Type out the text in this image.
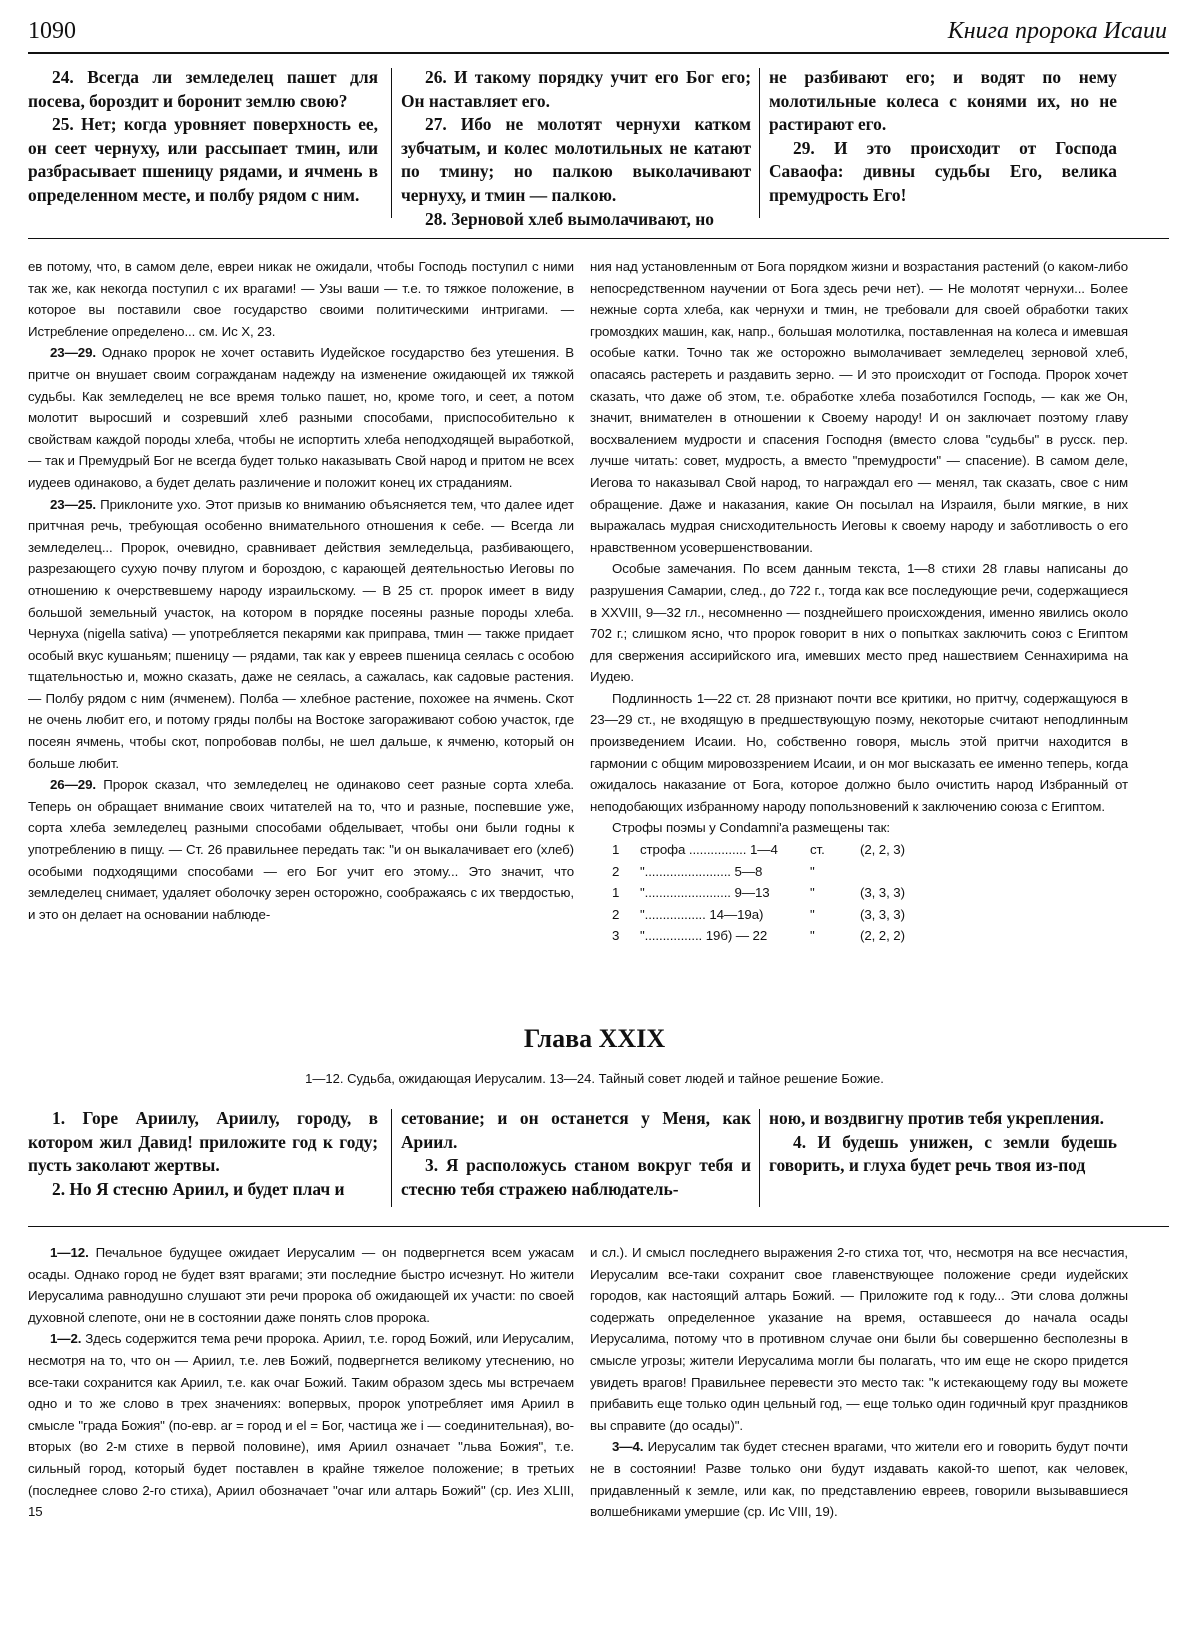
1090	Книга пророка Исаии

24. Всегда ли земледелец пашет для посева, бороздит и боронит землю свою?

25. Нет; когда уровняет поверхность ее, он сеет чернуху, или рассыпает тмин, или разбрасывает пшеницу рядами, и ячмень в определенном месте, и полбу рядом с ним.

26. И такому порядку учит его Бог его; Он наставляет его.

27. Ибо не молотят чернухи катком зубчатым, и колес молотильных не катают по тмину; но палкою выколачивают чернуху, и тмин — палкою.

28. Зерновой хлеб вымолачивают, но

не разбивают его; и водят по нему молотильные колеса с конями их, но не растирают его.

29. И это происходит от Господа Саваофа: дивны судьбы Его, велика премудрость Его!

ев потому, что, в самом деле, евреи никак не ожидали, чтобы Господь поступил с ними так же, как некогда поступил с их врагами! — Узы ваши — т.е. то тяжкое положение, в которое вы поставили свое государство своими политическими интригами. — Истребление определено... см. Ис X, 23.

23—29. Однако пророк не хочет оставить Иудейское государство без утешения. В притче он внушает своим согражданам надежду на изменение ожидающей их тяжкой судьбы. Как земледелец не все время только пашет, но, кроме того, и сеет, а потом молотит выросший и созревший хлеб разными способами, приспособительно к свойствам каждой породы хлеба, чтобы не испортить хлеба неподходящей выработкой, — так и Премудрый Бог не всегда будет только наказывать Свой народ и притом не всех иудеев одинаково, а будет делать различение и положит конец их страданиям.

23—25. Приклоните ухо. Этот призыв ко вниманию объясняется тем, что далее идет притчная речь, требующая особенно внимательного отношения к себе. — Всегда ли земледелец... Пророк, очевидно, сравнивает действия земледельца, разбивающего, разрезающего сухую почву плугом и бороздою, с карающей деятельностью Иеговы по отношению к очерствевшему народу израильскому. — В 25 ст. пророк имеет в виду большой земельный участок, на котором в порядке посеяны разные породы хлеба. Чернуха (nigella sativa) — употребляется пекарями как приправа, тмин — также придает особый вкус кушаньям; пшеницу — рядами, так как у евреев пшеница сеялась с особою тщательностью и, можно сказать, даже не сеялась, а сажалась, как садовые растения. — Полбу рядом с ним (ячменем). Полба — хлебное растение, похожее на ячмень. Скот не очень любит его, и потому гряды полбы на Востоке загораживают собою участок, где посеян ячмень, чтобы скот, попробовав полбы, не шел дальше, к ячменю, который он больше любит.

26—29. Пророк сказал, что земледелец не одинаково сеет разные сорта хлеба. Теперь он обращает внимание своих читателей на то, что и разные, поспевшие уже, сорта хлеба земледелец разными способами обделывает, чтобы они были годны к употреблению в пищу. — Ст. 26 правильнее передать так: "и он выкалачивает его (хлеб) особыми подходящими способами — его Бог учит его этому... Это значит, что земледелец снимает, удаляет оболочку зерен осторожно, соображаясь с их твердостью, и это он делает на основании наблюде-

ния над установленным от Бога порядком жизни и возрастания растений (о каком-либо непосредственном научении от Бога здесь речи нет). — Не молотят чернухи... Более нежные сорта хлеба, как чернухи и тмин, не требовали для своей обработки таких громоздких машин, как, напр., большая молотилка, поставленная на колеса и имевшая особые катки. Точно так же осторожно вымолачивает земледелец зерновой хлеб, опасаясь растереть и раздавить зерно. — И это происходит от Господа. Пророк хочет сказать, что даже об этом, т.е. обработке хлеба позаботился Господь, — как же Он, значит, внимателен в отношении к Своему народу! И он заключает поэтому главу восхвалением мудрости и спасения Господня (вместо слова "судьбы" в русск. пер. лучше читать: совет, мудрость, а вместо "премудрости" — спасение). В самом деле, Иегова то наказывал Свой народ, то награждал его — менял, так сказать, свое с ним обращение. Даже и наказания, какие Он посылал на Израиля, были мягкие, в них выражалась мудрая снисходительность Иеговы к своему народу и заботливость о его нравственном усовершенствовании.

Особые замечания. По всем данным текста, 1—8 стихи 28 главы написаны до разрушения Самарии, след., до 722 г., тогда как все последующие речи, содержащиеся в XXVIII, 9—32 гл., несомненно — позднейшего происхождения, именно явились около 702 г.; слишком ясно, что пророк говорит в них о попытках заключить союз с Египтом для свержения ассирийского ига, имевших место пред нашествием Сеннахирима на Иудею.

Подлинность 1—22 ст. 28 признают почти все критики, но притчу, содержащуюся в 23—29 ст., не входящую в предшествующую поэму, некоторые считают неподлинным произведением Исаии. Но, собственно говоря, мысль этой притчи находится в гармонии с общим мировоззрением Исаии, и он мог высказать ее именно теперь, когда ожидалось наказание от Бога, которое должно было очистить народ Избранный от неподобающих избранному народу попользновений к заключению союза с Египтом.

Строфы поэмы у Condamni'a размещены так:

1	строфа ................ 1—4	ст.	(2, 2, 3)
2	"........................ 5—8	"
1	"........................ 9—13	"	(3, 3, 3)
2	"................. 14—19а)	"	(3, 3, 3)
3	"................ 19б) — 22	"	(2, 2, 2)
Глава XXIX
1—12. Судьба, ожидающая Иерусалим. 13—24. Тайный совет людей и тайное решение Божие.

1. Горе Ариилу, Ариилу, городу, в котором жил Давид! приложите год к году; пусть заколают жертвы.

2. Но Я стесню Ариил, и будет плач и

сетование; и он останется у Меня, как Ариил.

3. Я расположусь станом вокруг тебя и стесню тебя стражею наблюдатель-

ною, и воздвигну против тебя укрепления.

4. И будешь унижен, с земли будешь говорить, и глуха будет речь твоя из-под

1—12. Печальное будущее ожидает Иерусалим — он подвергнется всем ужасам осады. Однако город не будет взят врагами; эти последние быстро исчезнут. Но жители Иерусалима равнодушно слушают эти речи пророка об ожидающей их участи: по своей духовной слепоте, они не в состоянии даже понять слов пророка.

1—2. Здесь содержится тема речи пророка. Ариил, т.е. город Божий, или Иерусалим, несмотря на то, что он — Ариил, т.е. лев Божий, подвергнется великому утеснению, но все-таки сохранится как Ариил, т.е. как очаг Божий. Таким образом здесь мы встречаем одно и то же слово в трех значениях: вопервых, пророк употребляет имя Ариил в смысле "града Божия" (по-евр. ar = город и el = Бог, частица же i — соединительная), во-вторых (во 2-м стихе в первой половине), имя Ариил означает "льва Божия", т.е. сильный город, который будет поставлен в крайне тяжелое положение; в третьих (последнее слово 2-го стиха), Ариил обозначает "очаг или алтарь Божий" (ср. Иез XLIII, 15

и сл.). И смысл последнего выражения 2-го стиха тот, что, несмотря на все несчастия, Иерусалим все-таки сохранит свое главенствующее положение среди иудейских городов, как настоящий алтарь Божий. — Приложите год к году... Эти слова должны содержать определенное указание на время, оставшееся до начала осады Иерусалима, потому что в противном случае они были бы совершенно бесполезны в смысле угрозы; жители Иерусалима могли бы полагать, что им еще не скоро придется увидеть врагов! Правильнее перевести это место так: "к истекающему году вы можете прибавить еще только один цельный год, — еще только один годичный круг праздников вы справите (до осады)".

3—4. Иерусалим так будет стеснен врагами, что жители его и говорить будут почти не в состоянии! Разве только они будут издавать какой-то шепот, как человек, придавленный к земле, или как, по представлению евреев, говорили вызывавшиеся волшебниками умершие (ср. Ис VIII, 19).
